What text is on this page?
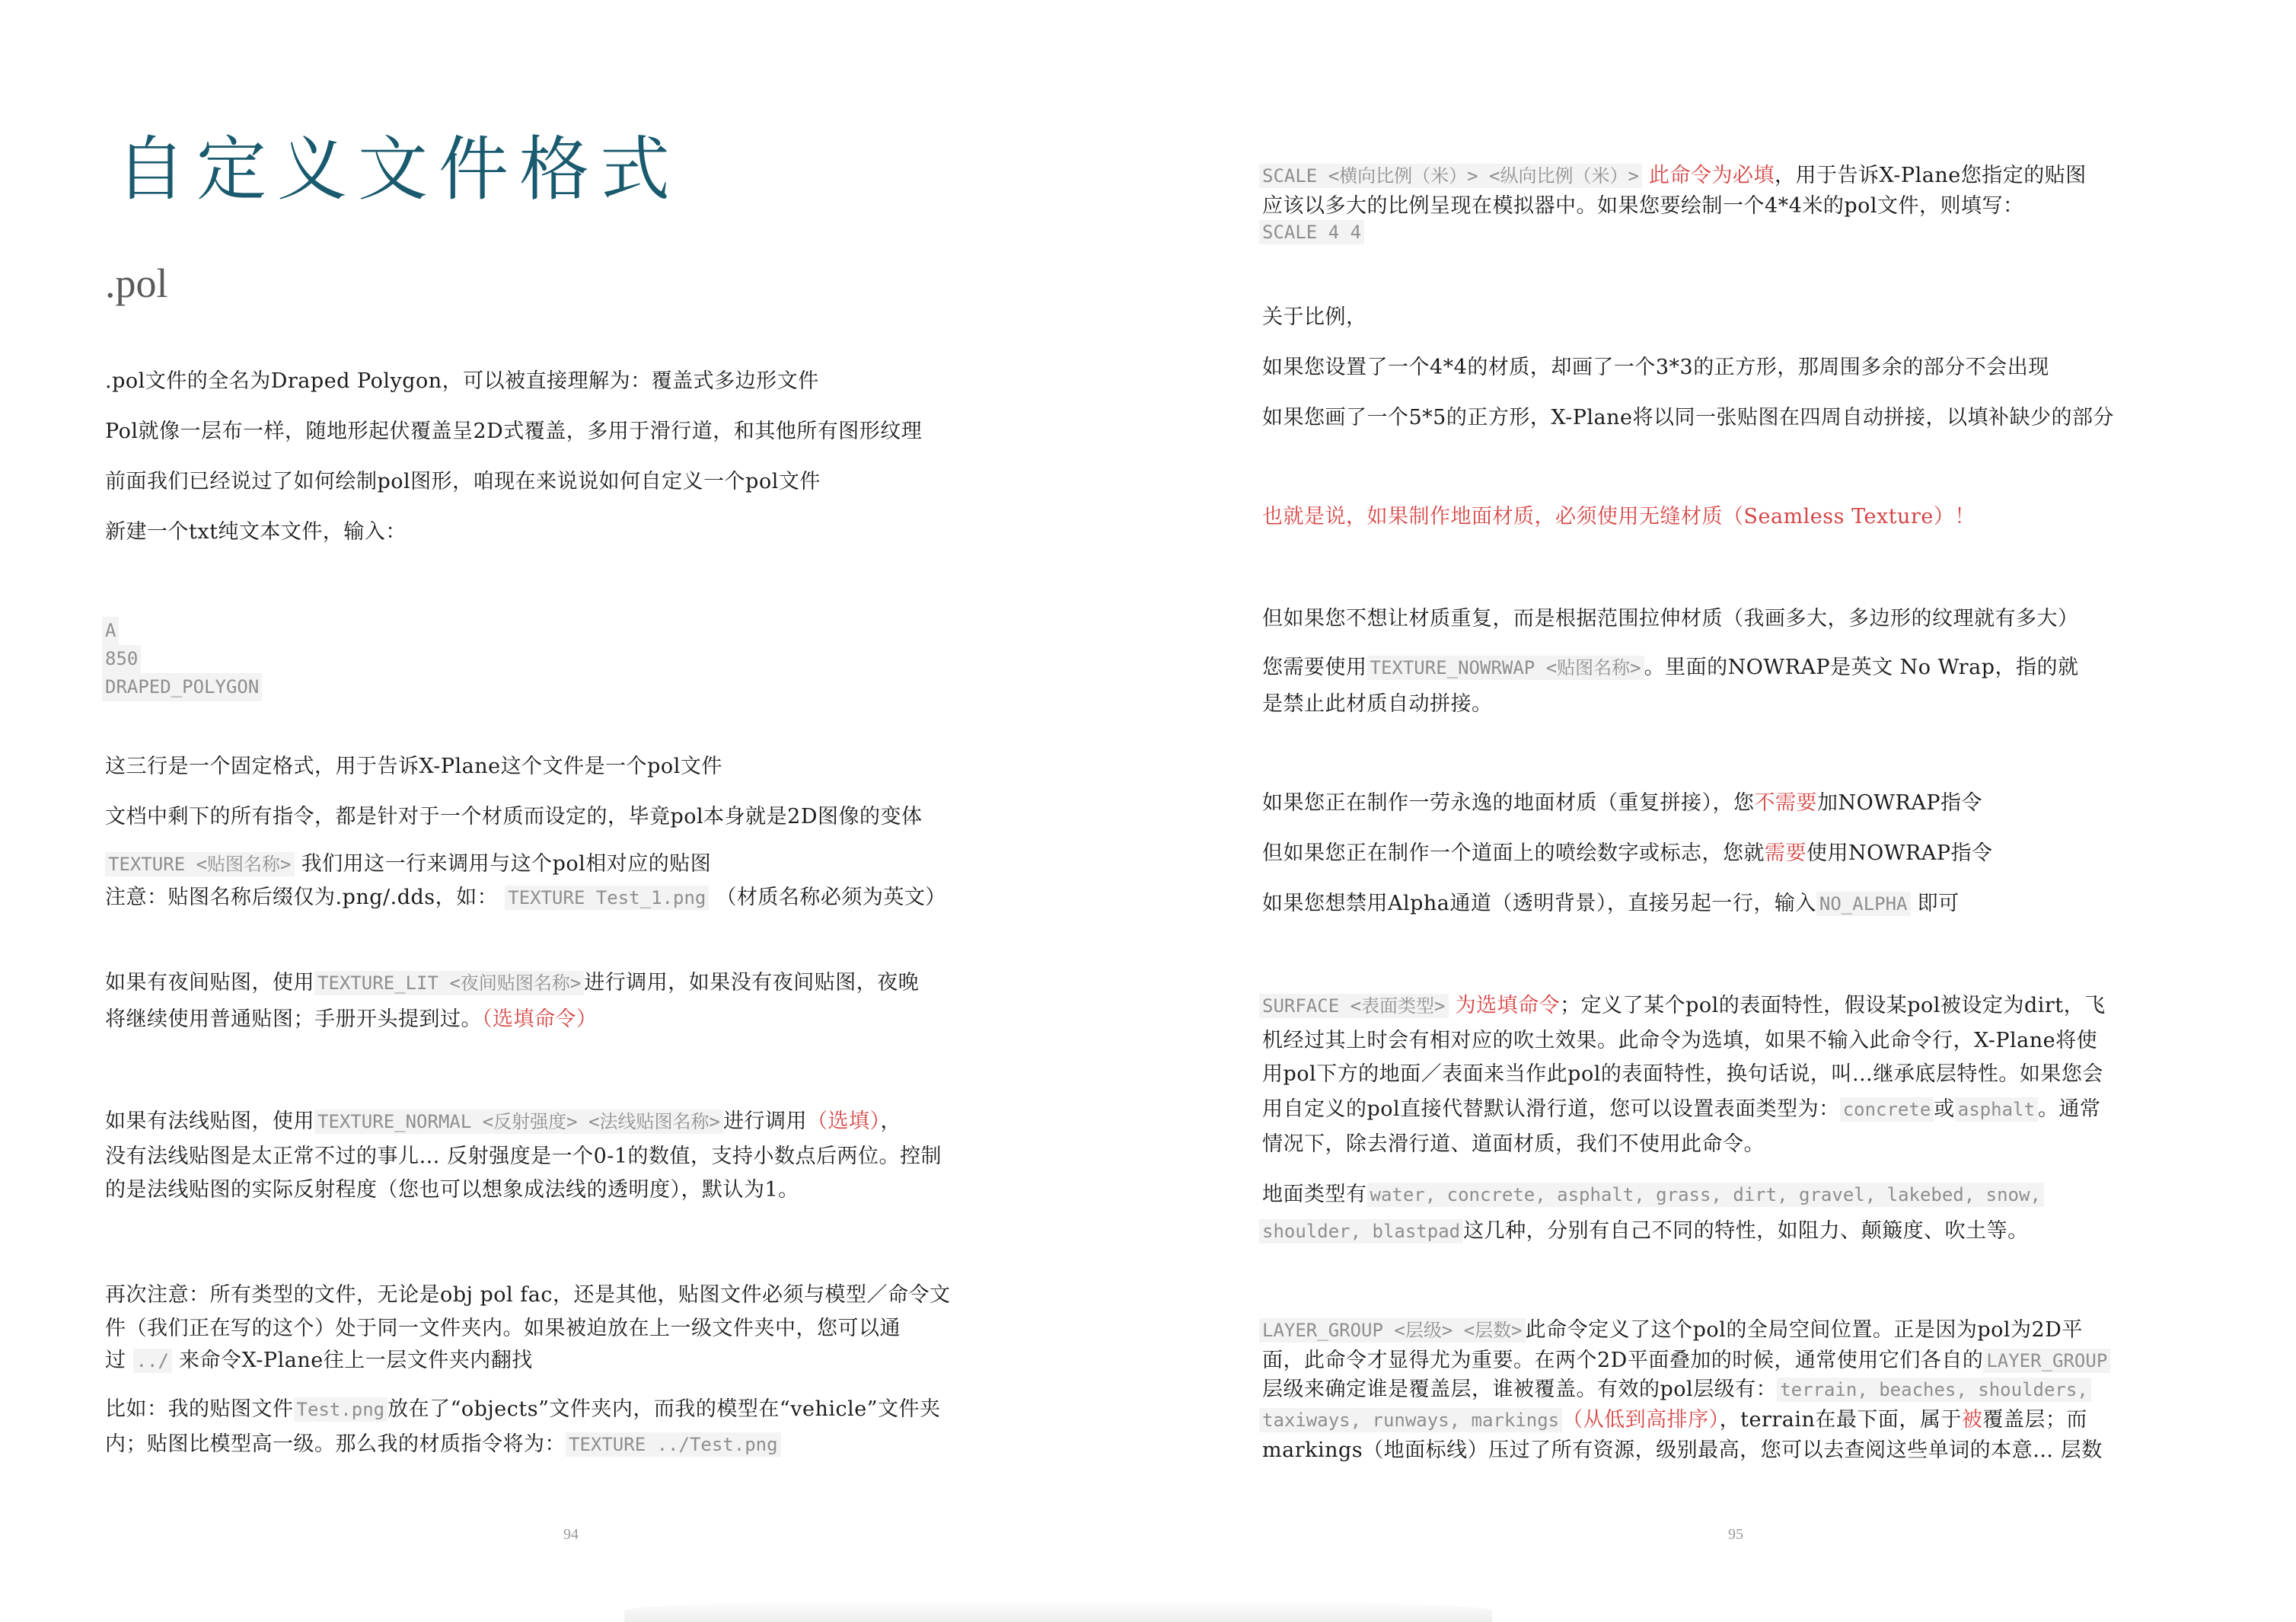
自定义文件格式
.pol
.pol文件的全名为Draped Polygon，可以被直接理解为：覆盖式多边形文件
Pol就像一层布一样，随地形起伏覆盖呈2D式覆盖，多用于滑行道，和其他所有图形纹理
前面我们已经说过了如何绘制pol图形，咱现在来说说如何自定义一个pol文件
新建一个txt纯文本文件，输入：
A
850
DRAPED_POLYGON
这三行是一个固定格式，用于告诉X-Plane这个文件是一个pol文件
文档中剩下的所有指令，都是针对于一个材质而设定的，毕竟pol本身就是2D图像的变体
TEXTURE <贴图名称> 我们用这一行来调用与这个pol相对应的贴图
注意：贴图名称后缀仅为.png/.dds，如： TEXTURE Test_1.png （材质名称必须为英文）
如果有夜间贴图，使用 TEXTURE_LIT <夜间贴图名称> 进行调用，如果没有夜间贴图，夜晚
将继续使用普通贴图；手册开头提到过。（选填命令）
如果有法线贴图，使用 TEXTURE_NORMAL <反射强度> <法线贴图名称> 进行调用（选填），
没有法线贴图是太正常不过的事儿… 反射强度是一个0-1的数值，支持小数点后两位。控制
的是法线贴图的实际反射程度（您也可以想象成法线的透明度），默认为1。
再次注意：所有类型的文件，无论是obj pol fac，还是其他，贴图文件必须与模型／命令文
件（我们正在写的这个）处于同一文件夹内。如果被迫放在上一级文件夹中，您可以通
过 ../ 来命令X-Plane往上一层文件夹内翻找
比如：我的贴图文件 Test.png 放在了“objects”文件夹内，而我的模型在“vehicle”文件夹
内；贴图比模型高一级。那么我的材质指令将为： TEXTURE ../Test.png
94
SCALE <横向比例（米）> <纵向比例（米）> 此命令为必填，用于告诉X-Plane您指定的贴图
应该以多大的比例呈现在模拟器中。如果您要绘制一个4*4米的pol文件，则填写：
SCALE 4 4
关于比例，
如果您设置了一个4*4的材质，却画了一个3*3的正方形，那周围多余的部分不会出现
如果您画了一个5*5的正方形，X-Plane将以同一张贴图在四周自动拼接，以填补缺少的部分
也就是说，如果制作地面材质，必须使用无缝材质（Seamless Texture）！
但如果您不想让材质重复，而是根据范围拉伸材质（我画多大，多边形的纹理就有多大）
您需要使用 TEXTURE_NOWRWAP <贴图名称> 。里面的NOWRAP是英文 No Wrap，指的就
是禁止此材质自动拼接。
如果您正在制作一劳永逸的地面材质（重复拼接），您不需要加NOWRAP指令
但如果您正在制作一个道面上的喷绘数字或标志，您就需要使用NOWRAP指令
如果您想禁用Alpha通道（透明背景），直接另起一行，输入 NO_ALPHA 即可
SURFACE <表面类型> 为选填命令；定义了某个pol的表面特性，假设某pol被设定为dirt，飞
机经过其上时会有相对应的吹土效果。此命令为选填，如果不输入此命令行，X-Plane将使
用pol下方的地面／表面来当作此pol的表面特性，换句话说，叫…继承底层特性。如果您会
用自定义的pol直接代替默认滑行道，您可以设置表面类型为： concrete 或 asphalt 。通常
情况下，除去滑行道、道面材质，我们不使用此命令。
地面类型有 water, concrete, asphalt, grass, dirt, gravel, lakebed, snow,
shoulder, blastpad 这几种，分别有自己不同的特性，如阻力、颠簸度、吹土等。
LAYER_GROUP <层级> <层数> 此命令定义了这个pol的全局空间位置。正是因为pol为2D平
面，此命令才显得尤为重要。在两个2D平面叠加的时候，通常使用它们各自的 LAYER_GROUP
层级来确定谁是覆盖层，谁被覆盖。有效的pol层级有： terrain, beaches, shoulders,
taxiways, runways, markings （从低到高排序），terrain在最下面，属于被覆盖层；而
markings（地面标线）压过了所有资源，级别最高，您可以去查阅这些单词的本意… 层数
95
